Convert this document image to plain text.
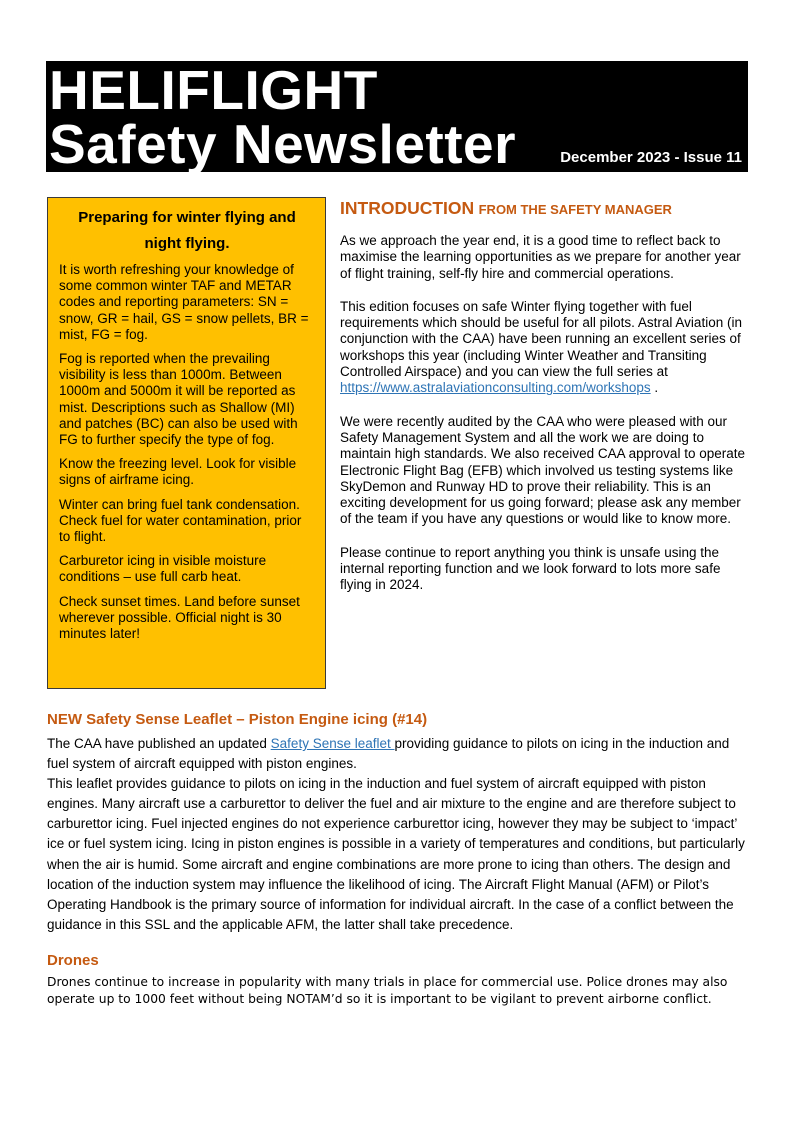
HELIFLIGHT
Safety Newsletter	December 2023 - Issue 11

Preparing for winter flying and night flying.

It is worth refreshing your knowledge of some common winter TAF and METAR codes and reporting parameters: SN = snow, GR = hail, GS = snow pellets, BR = mist, FG = fog.

Fog is reported when the prevailing visibility is less than 1000m. Between 1000m and 5000m it will be reported as mist. Descriptions such as Shallow (MI) and patches (BC) can also be used with FG to further specify the type of fog.

Know the freezing level. Look for visible signs of airframe icing.

Winter can bring fuel tank condensation. Check fuel for water contamination, prior to flight.

Carburetor icing in visible moisture conditions – use full carb heat.

Check sunset times. Land before sunset wherever possible. Official night is 30 minutes later!

INTRODUCTION FROM THE SAFETY MANAGER

As we approach the year end, it is a good time to reflect back to maximise the learning opportunities as we prepare for another year of flight training, self-fly hire and commercial operations.

This edition focuses on safe Winter flying together with fuel requirements which should be useful for all pilots. Astral Aviation (in conjunction with the CAA) have been running an excellent series of workshops this year (including Winter Weather and Transiting Controlled Airspace) and you can view the full series at https://www.astralaviationconsulting.com/workshops .

We were recently audited by the CAA who were pleased with our Safety Management System and all the work we are doing to maintain high standards. We also received CAA approval to operate Electronic Flight Bag (EFB) which involved us testing systems like SkyDemon and Runway HD to prove their reliability. This is an exciting development for us going forward; please ask any member of the team if you have any questions or would like to know more.

Please continue to report anything you think is unsafe using the internal reporting function and we look forward to lots more safe flying in 2024.

NEW Safety Sense Leaflet – Piston Engine icing (#14)

The CAA have published an updated Safety Sense leaflet providing guidance to pilots on icing in the induction and fuel system of aircraft equipped with piston engines.

This leaflet provides guidance to pilots on icing in the induction and fuel system of aircraft equipped with piston engines. Many aircraft use a carburettor to deliver the fuel and air mixture to the engine and are therefore subject to carburettor icing. Fuel injected engines do not experience carburettor icing, however they may be subject to ‘impact’ ice or fuel system icing. Icing in piston engines is possible in a variety of temperatures and conditions, but particularly when the air is humid. Some aircraft and engine combinations are more prone to icing than others. The design and location of the induction system may influence the likelihood of icing. The Aircraft Flight Manual (AFM) or Pilot’s Operating Handbook is the primary source of information for individual aircraft. In the case of a conflict between the guidance in this SSL and the applicable AFM, the latter shall take precedence.

Drones

Drones continue to increase in popularity with many trials in place for commercial use. Police drones may also operate up to 1000 feet without being NOTAM’d so it is important to be vigilant to prevent airborne conflict.
